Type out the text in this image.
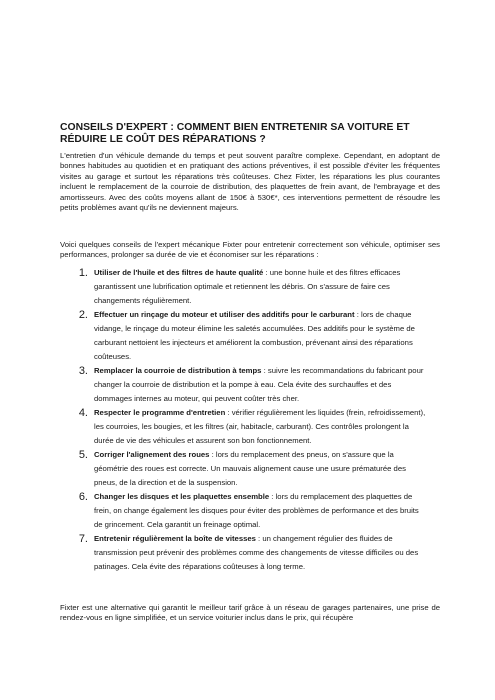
CONSEILS D'EXPERT : COMMENT BIEN ENTRETENIR SA VOITURE ET RÉDUIRE LE COÛT DES RÉPARATIONS ?

L'entretien d'un véhicule demande du temps et peut souvent paraître complexe. Cependant, en adoptant de bonnes habitudes au quotidien et en pratiquant des actions préventives, il est possible d'éviter les fréquentes visites au garage et surtout les réparations très coûteuses. Chez Fixter, les réparations les plus courantes incluent le remplacement de la courroie de distribution, des plaquettes de frein avant, de l'embrayage et des amortisseurs. Avec des coûts moyens allant de 150€ à 530€*, ces interventions permettent de résoudre les petits problèmes avant qu'ils ne deviennent majeurs.

Voici quelques conseils de l'expert mécanique Fixter pour entretenir correctement son véhicule, optimiser ses performances, prolonger sa durée de vie et économiser sur les réparations :

1. Utiliser de l'huile et des filtres de haute qualité : une bonne huile et des filtres efficaces garantissent une lubrification optimale et retiennent les débris. On s'assure de faire ces changements régulièrement.
2. Effectuer un rinçage du moteur et utiliser des additifs pour le carburant : lors de chaque vidange, le rinçage du moteur élimine les saletés accumulées. Des additifs pour le système de carburant nettoient les injecteurs et améliorent la combustion, prévenant ainsi des réparations coûteuses.
3. Remplacer la courroie de distribution à temps : suivre les recommandations du fabricant pour changer la courroie de distribution et la pompe à eau. Cela évite des surchauffes et des dommages internes au moteur, qui peuvent coûter très cher.
4. Respecter le programme d'entretien : vérifier régulièrement les liquides (frein, refroidissement), les courroies, les bougies, et les filtres (air, habitacle, carburant). Ces contrôles prolongent la durée de vie des véhicules et assurent son bon fonctionnement.
5. Corriger l'alignement des roues : lors du remplacement des pneus, on s'assure que la géométrie des roues est correcte. Un mauvais alignement cause une usure prématurée des pneus, de la direction et de la suspension.
6. Changer les disques et les plaquettes ensemble : lors du remplacement des plaquettes de frein, on change également les disques pour éviter des problèmes de performance et des bruits de grincement. Cela garantit un freinage optimal.
7. Entretenir régulièrement la boîte de vitesses : un changement régulier des fluides de transmission peut prévenir des problèmes comme des changements de vitesse difficiles ou des patinages. Cela évite des réparations coûteuses à long terme.

Fixter est une alternative qui garantit le meilleur tarif grâce à un réseau de garages partenaires, une prise de rendez-vous en ligne simplifiée, et un service voiturier inclus dans le prix, qui récupère
